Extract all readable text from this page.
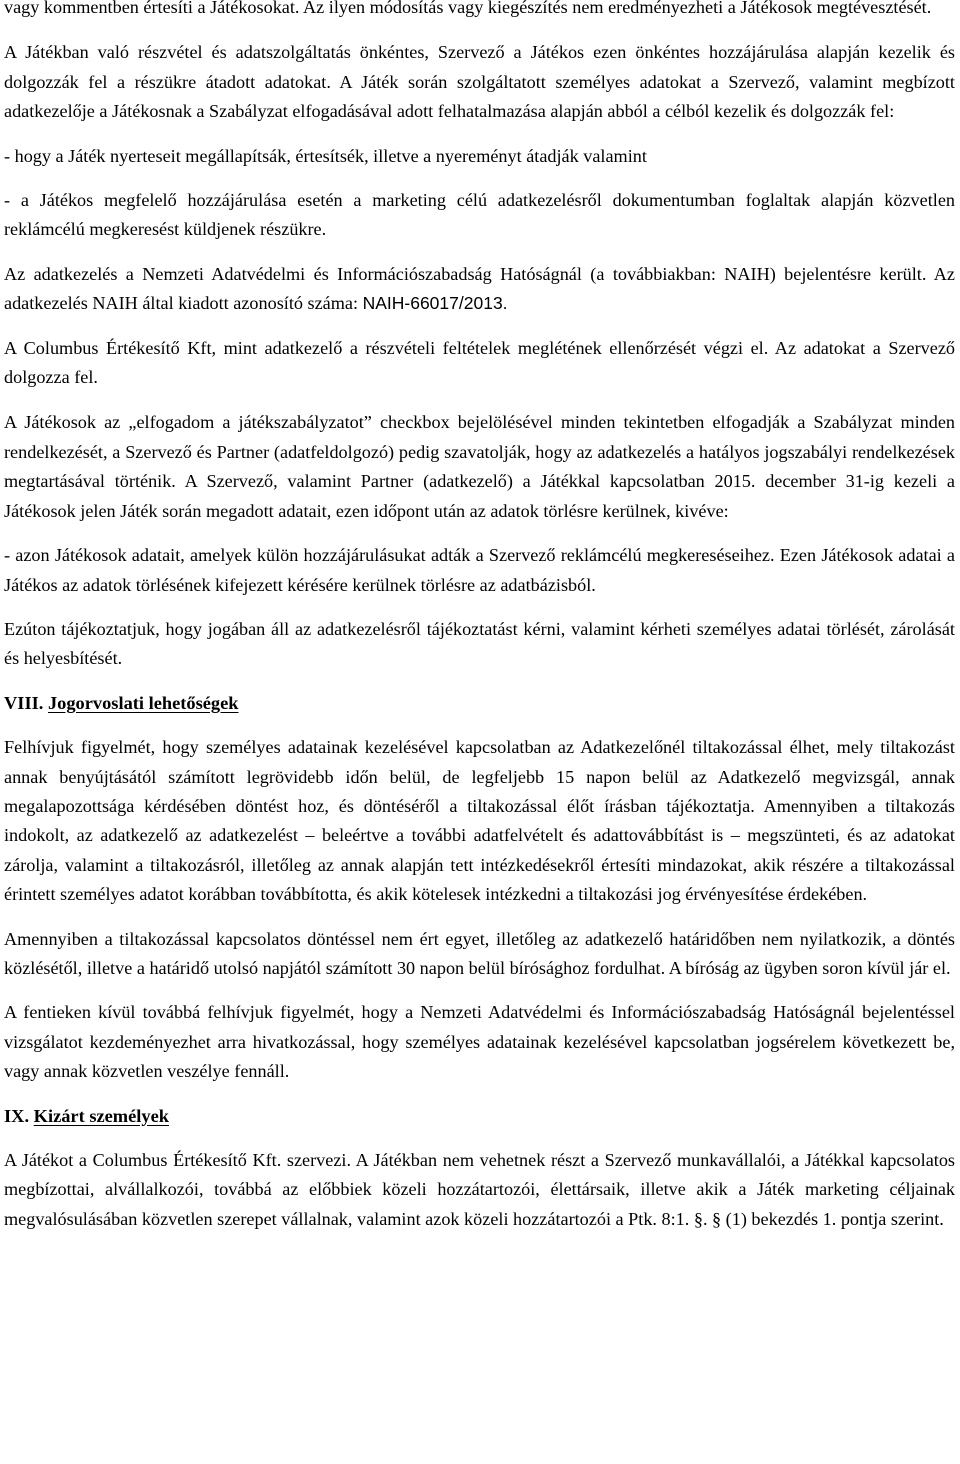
vagy kommentben értesíti a Játékosokat. Az ilyen módosítás vagy kiegészítés nem eredményezheti a Játékosok megtévesztését.

A Játékban való részvétel és adatszolgáltatás önkéntes, Szervező a Játékos ezen önkéntes hozzájárulása alapján kezelik és dolgozzák fel a részükre átadott adatokat. A Játék során szolgáltatott személyes adatokat a Szervező, valamint megbízott adatkezelője a Játékosnak a Szabályzat elfogadásával adott felhatalmazása alapján abból a célból kezelik és dolgozzák fel:

- hogy a Játék nyerteseit megállapítsák, értesítsék, illetve a nyereményt átadják valamint

- a Játékos megfelelő hozzájárulása esetén a marketing célú adatkezelésről dokumentumban foglaltak alapján közvetlen reklámcélú megkeresést küldjenek részükre.

Az adatkezelés a Nemzeti Adatvédelmi és Információszabadság Hatóságnál (a továbbiakban: NAIH) bejelentésre került. Az adatkezelés NAIH által kiadott azonosító száma: NAIH-66017/2013.

A Columbus Értékesítő Kft, mint adatkezelő a részvételi feltételek meglétének ellenőrzését végzi el. Az adatokat a Szervező dolgozza fel.

A Játékosok az „elfogadom a játékszabályzatot” checkbox bejelölésével minden tekintetben elfogadják a Szabályzat minden rendelkezését, a Szervező és Partner (adatfeldolgozó) pedig szavatolják, hogy az adatkezelés a hatályos jogszabályi rendelkezések megtartásával történik. A Szervező, valamint Partner (adatkezelő) a Játékkal kapcsolatban 2015. december 31-ig kezeli a Játékosok jelen Játék során megadott adatait, ezen időpont után az adatok törlésre kerülnek, kivéve:

- azon Játékosok adatait, amelyek külön hozzájárulásukat adták a Szervező reklámcélú megkereséseihez. Ezen Játékosok adatai a Játékos az adatok törlésének kifejezett kérésére kerülnek törlésre az adatbázisból.

Ezúton tájékoztatjuk, hogy jogában áll az adatkezelésről tájékoztatást kérni, valamint kérheti személyes adatai törlését, zárolását és helyesbítését.

VIII. Jogorvoslati lehetőségek

Felhívjuk figyelmét, hogy személyes adatainak kezelésével kapcsolatban az Adatkezelőnél tiltakozással élhet, mely tiltakozást annak benyújtásától számított legrövidebb időn belül, de legfeljebb 15 napon belül az Adatkezelő megvizsgál, annak megalapozottsága kérdésében döntést hoz, és döntéséről a tiltakozással élőt írásban tájékoztatja. Amennyiben a tiltakozás indokolt, az adatkezelő az adatkezelést – beleértve a további adatfelvételt és adattovábbítást is – megszünteti, és az adatokat zárolja, valamint a tiltakozásról, illetőleg az annak alapján tett intézkedésekről értesíti mindazokat, akik részére a tiltakozással érintett személyes adatot korábban továbbította, és akik kötelesek intézkedni a tiltakozási jog érvényesítése érdekében.

Amennyiben a tiltakozással kapcsolatos döntéssel nem ért egyet, illetőleg az adatkezelő határidőben nem nyilatkozik, a döntés közlésétől, illetve a határidő utolsó napjától számított 30 napon belül bírósághoz fordulhat. A bíróság az ügyben soron kívül jár el.

A fentieken kívül továbbá felhívjuk figyelmét, hogy a Nemzeti Adatvédelmi és Információszabadság Hatóságnál bejelentéssel vizsgálatot kezdeményezhet arra hivatkozással, hogy személyes adatainak kezelésével kapcsolatban jogsérelem következett be, vagy annak közvetlen veszélye fennáll.

IX. Kizárt személyek

A Játékot a Columbus Értékesítő Kft. szervezi. A Játékban nem vehetnek részt a Szervező munkavállalói, a Játékkal kapcsolatos megbízottai, alvállalkozói, továbbá az előbbiek közeli hozzátartozói, élettársaik, illetve akik a Játék marketing céljainak megvalósulásában közvetlen szerepet vállalnak, valamint azok közeli hozzátartozói a Ptk. 8:1. §. § (1) bekezdés 1. pontja szerint.
